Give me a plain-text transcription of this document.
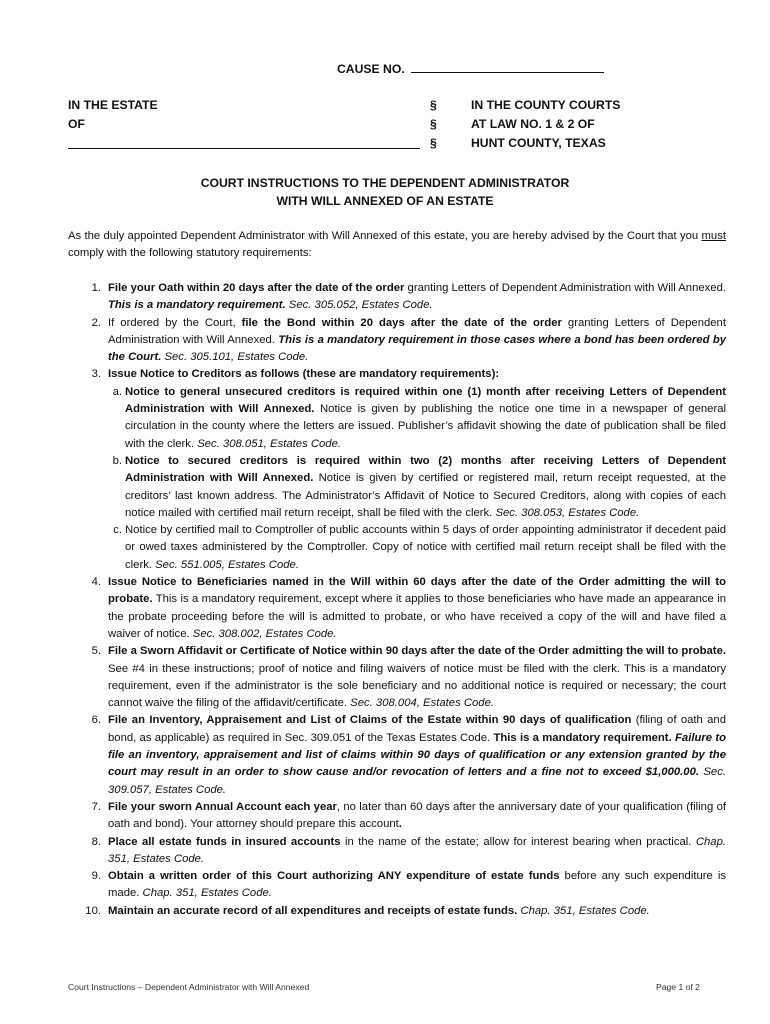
CAUSE NO.
IN THE ESTATE
OF
§
§
§
IN THE COUNTY COURTS
AT LAW NO. 1 & 2 OF
HUNT COUNTY, TEXAS
COURT INSTRUCTIONS TO THE DEPENDENT ADMINISTRATOR
WITH WILL ANNEXED OF AN ESTATE
As the duly appointed Dependent Administrator with Will Annexed of this estate, you are hereby advised by the Court that you must comply with the following statutory requirements:
1. File your Oath within 20 days after the date of the order granting Letters of Dependent Administration with Will Annexed. This is a mandatory requirement. Sec. 305.052, Estates Code.
2. If ordered by the Court, file the Bond within 20 days after the date of the order granting Letters of Dependent Administration with Will Annexed. This is a mandatory requirement in those cases where a bond has been ordered by the Court. Sec. 305.101, Estates Code.
3. Issue Notice to Creditors as follows (these are mandatory requirements):
a. Notice to general unsecured creditors is required within one (1) month after receiving Letters of Dependent Administration with Will Annexed. Notice is given by publishing the notice one time in a newspaper of general circulation in the county where the letters are issued. Publisher’s affidavit showing the date of publication shall be filed with the clerk. Sec. 308.051, Estates Code.
b. Notice to secured creditors is required within two (2) months after receiving Letters of Dependent Administration with Will Annexed. Notice is given by certified or registered mail, return receipt requested, at the creditors’ last known address. The Administrator’s Affidavit of Notice to Secured Creditors, along with copies of each notice mailed with certified mail return receipt, shall be filed with the clerk. Sec. 308.053, Estates Code.
c. Notice by certified mail to Comptroller of public accounts within 5 days of order appointing administrator if decedent paid or owed taxes administered by the Comptroller. Copy of notice with certified mail return receipt shall be filed with the clerk. Sec. 551.005, Estates Code.
4. Issue Notice to Beneficiaries named in the Will within 60 days after the date of the Order admitting the will to probate. This is a mandatory requirement, except where it applies to those beneficiaries who have made an appearance in the probate proceeding before the will is admitted to probate, or who have received a copy of the will and have filed a waiver of notice. Sec. 308.002, Estates Code.
5. File a Sworn Affidavit or Certificate of Notice within 90 days after the date of the Order admitting the will to probate. See #4 in these instructions; proof of notice and filing waivers of notice must be filed with the clerk. This is a mandatory requirement, even if the administrator is the sole beneficiary and no additional notice is required or necessary; the court cannot waive the filing of the affidavit/certificate. Sec. 308.004, Estates Code.
6. File an Inventory, Appraisement and List of Claims of the Estate within 90 days of qualification (filing of oath and bond, as applicable) as required in Sec. 309.051 of the Texas Estates Code. This is a mandatory requirement. Failure to file an inventory, appraisement and list of claims within 90 days of qualification or any extension granted by the court may result in an order to show cause and/or revocation of letters and a fine not to exceed $1,000.00. Sec. 309.057, Estates Code.
7. File your sworn Annual Account each year, no later than 60 days after the anniversary date of your qualification (filing of oath and bond). Your attorney should prepare this account.
8. Place all estate funds in insured accounts in the name of the estate; allow for interest bearing when practical. Chap. 351, Estates Code.
9. Obtain a written order of this Court authorizing ANY expenditure of estate funds before any such expenditure is made. Chap. 351, Estates Code.
10. Maintain an accurate record of all expenditures and receipts of estate funds. Chap. 351, Estates Code.
Court Instructions – Dependent Administrator with Will Annexed	Page 1 of 2
